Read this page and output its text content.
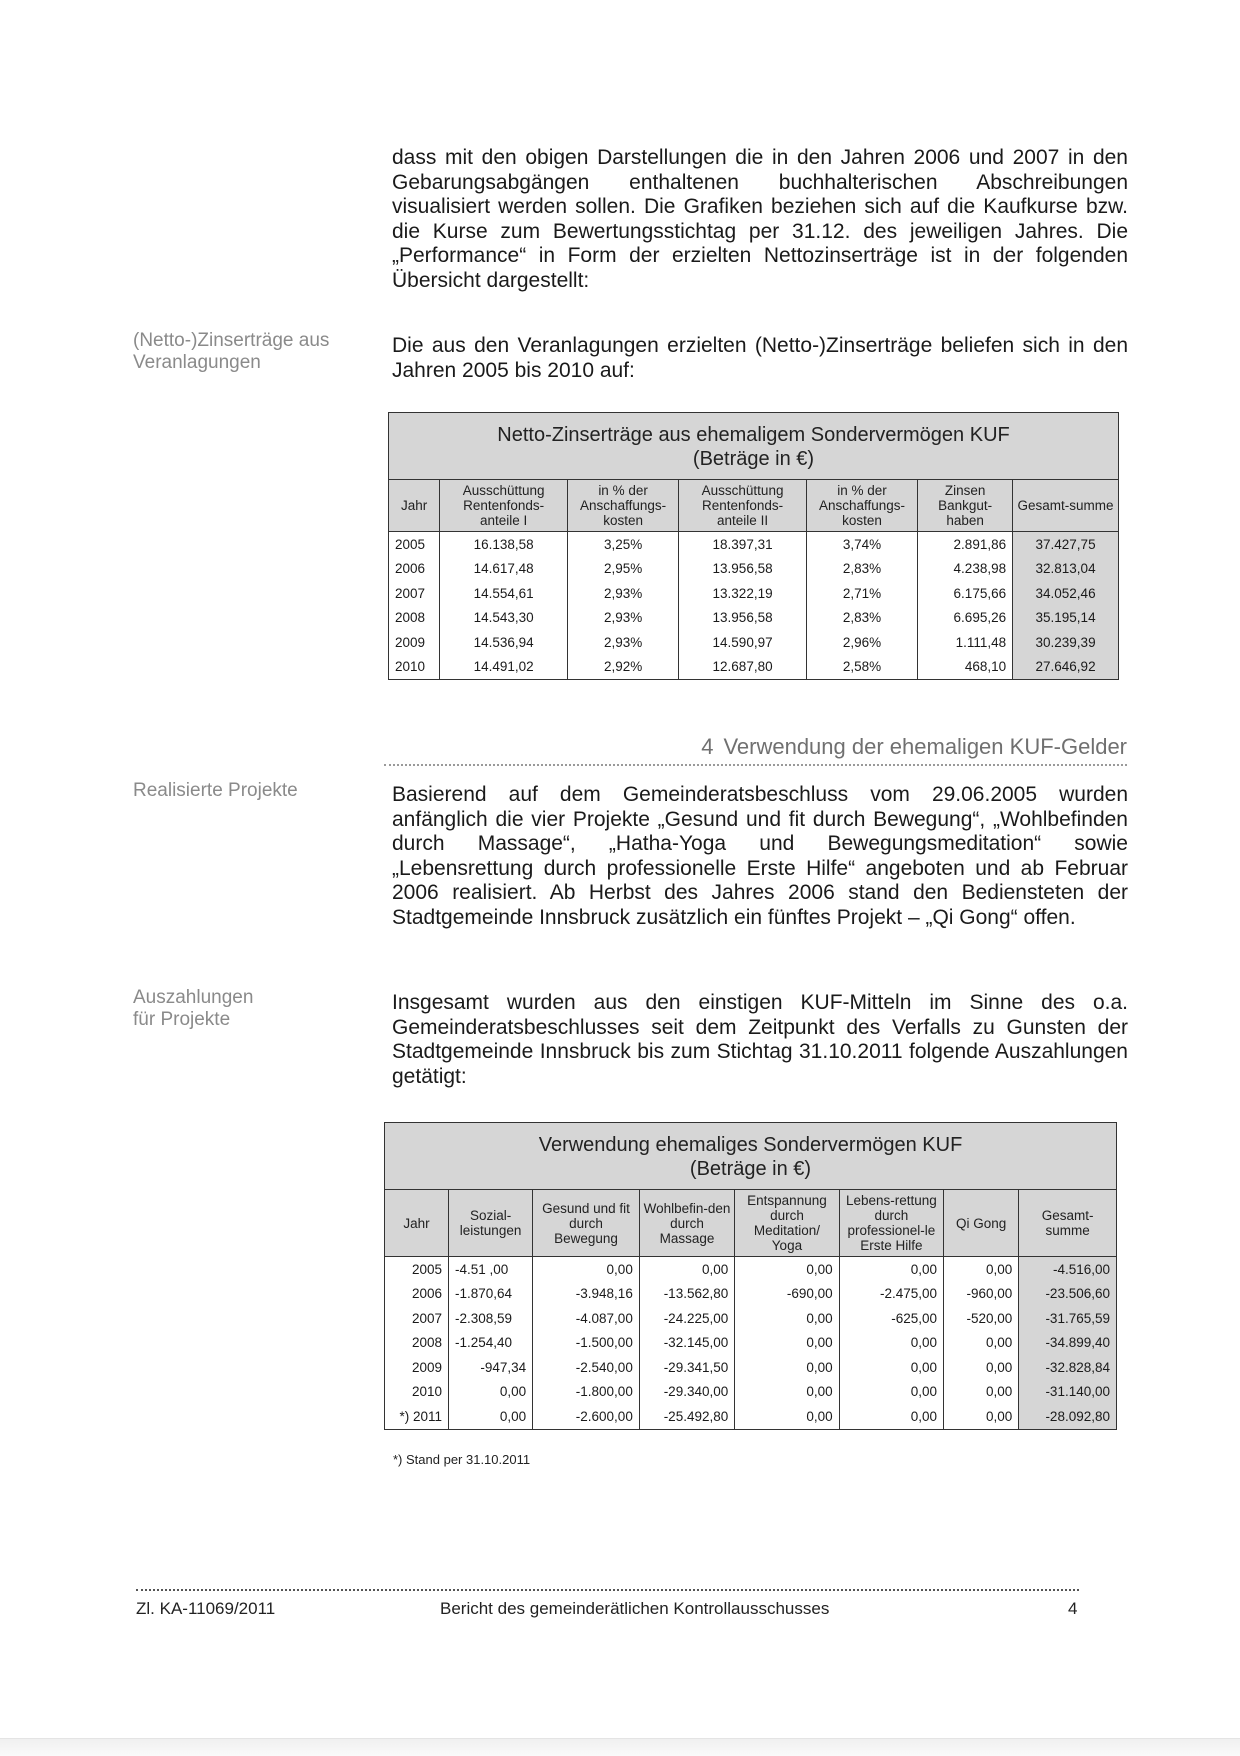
dass mit den obigen Darstellungen die in den Jahren 2006 und 2007 in den Gebarungsabgängen enthaltenen buchhalterischen Abschreibungen visualisiert werden sollen. Die Grafiken beziehen sich auf die Kaufkurse bzw. die Kurse zum Bewertungsstichtag per 31.12. des jeweiligen Jahres. Die „Performance“ in Form der erzielten Nettozinserträge ist in der folgenden Übersicht dargestellt:

(Netto-)Zinserträge aus Veranlagungen

Die aus den Veranlagungen erzielten (Netto-)Zinserträge beliefen sich in den Jahren 2005 bis 2010 auf:

Netto-Zinserträge aus ehemaligem Sondervermögen KUF
(Beträge in €)						
Jahr	Ausschüttung Rentenfonds-anteile I	in % der Anschaffungs-kosten	Ausschüttung Rentenfonds-anteile II	in % der Anschaffungs-kosten	Zinsen Bankgut-haben	Gesamt-summe
2005	16.138,58	3,25%	18.397,31	3,74%	2.891,86	37.427,75
2006	14.617,48	2,95%	13.956,58	2,83%	4.238,98	32.813,04
2007	14.554,61	2,93%	13.322,19	2,71%	6.175,66	34.052,46
2008	14.543,30	2,93%	13.956,58	2,83%	6.695,26	35.195,14
2009	14.536,94	2,93%	14.590,97	2,96%	1.111,48	30.239,39
2010	14.491,02	2,92%	12.687,80	2,58%	468,10	27.646,92
4 Verwendung der ehemaligen KUF-Gelder
Realisierte Projekte	Basierend auf dem Gemeinderatsbeschluss vom 29.06.2005 wurden anfänglich die vier Projekte „Gesund und fit durch Bewegung“, „Wohlbefinden durch Massage“, „Hatha-Yoga und Bewegungsmeditation“ sowie „Lebensrettung durch professionelle Erste Hilfe“ angeboten und ab Februar 2006 realisiert. Ab Herbst des Jahres 2006 stand den Bediensteten der Stadtgemeinde Innsbruck zusätzlich ein fünftes Projekt – „Qi Gong“ offen.

Auszahlungen
für Projekte

Insgesamt wurden aus den einstigen KUF-Mitteln im Sinne des o.a. Gemeinderatsbeschlusses seit dem Zeitpunkt des Verfalls zu Gunsten der Stadtgemeinde Innsbruck bis zum Stichtag 31.10.2011 folgende Auszahlungen getätigt:

Verwendung ehemaliges Sondervermögen KUF
(Beträge in €)							
Jahr	Sozial-leistungen	Gesund und fit durch Bewegung	Wohlbefin-den durch Massage	Entspannung durch Meditation/ Yoga	Lebens-rettung durch professionel-le Erste Hilfe	Qi Gong	Gesamt-summe
2005	-4.51 ,00	0,00	0,00	0,00	0,00	0,00	-4.516,00
2006	-1.870,64	-3.948,16	-13.562,80	-690,00	-2.475,00	-960,00	-23.506,60
2007	-2.308,59	-4.087,00	-24.225,00	0,00	-625,00	-520,00	-31.765,59
2008	-1.254,40	-1.500,00	-32.145,00	0,00	0,00	0,00	-34.899,40
2009	-947,34	-2.540,00	-29.341,50	0,00	0,00	0,00	-32.828,84
2010	0,00	-1.800,00	-29.340,00	0,00	0,00	0,00	-31.140,00
*) 2011	0,00	-2.600,00	-25.492,80	0,00	0,00	0,00	-28.092,80
*) Stand per 31.10.2011
Zl. KA-11069/2011	Bericht des gemeinderätlichen Kontrollausschusses	4
